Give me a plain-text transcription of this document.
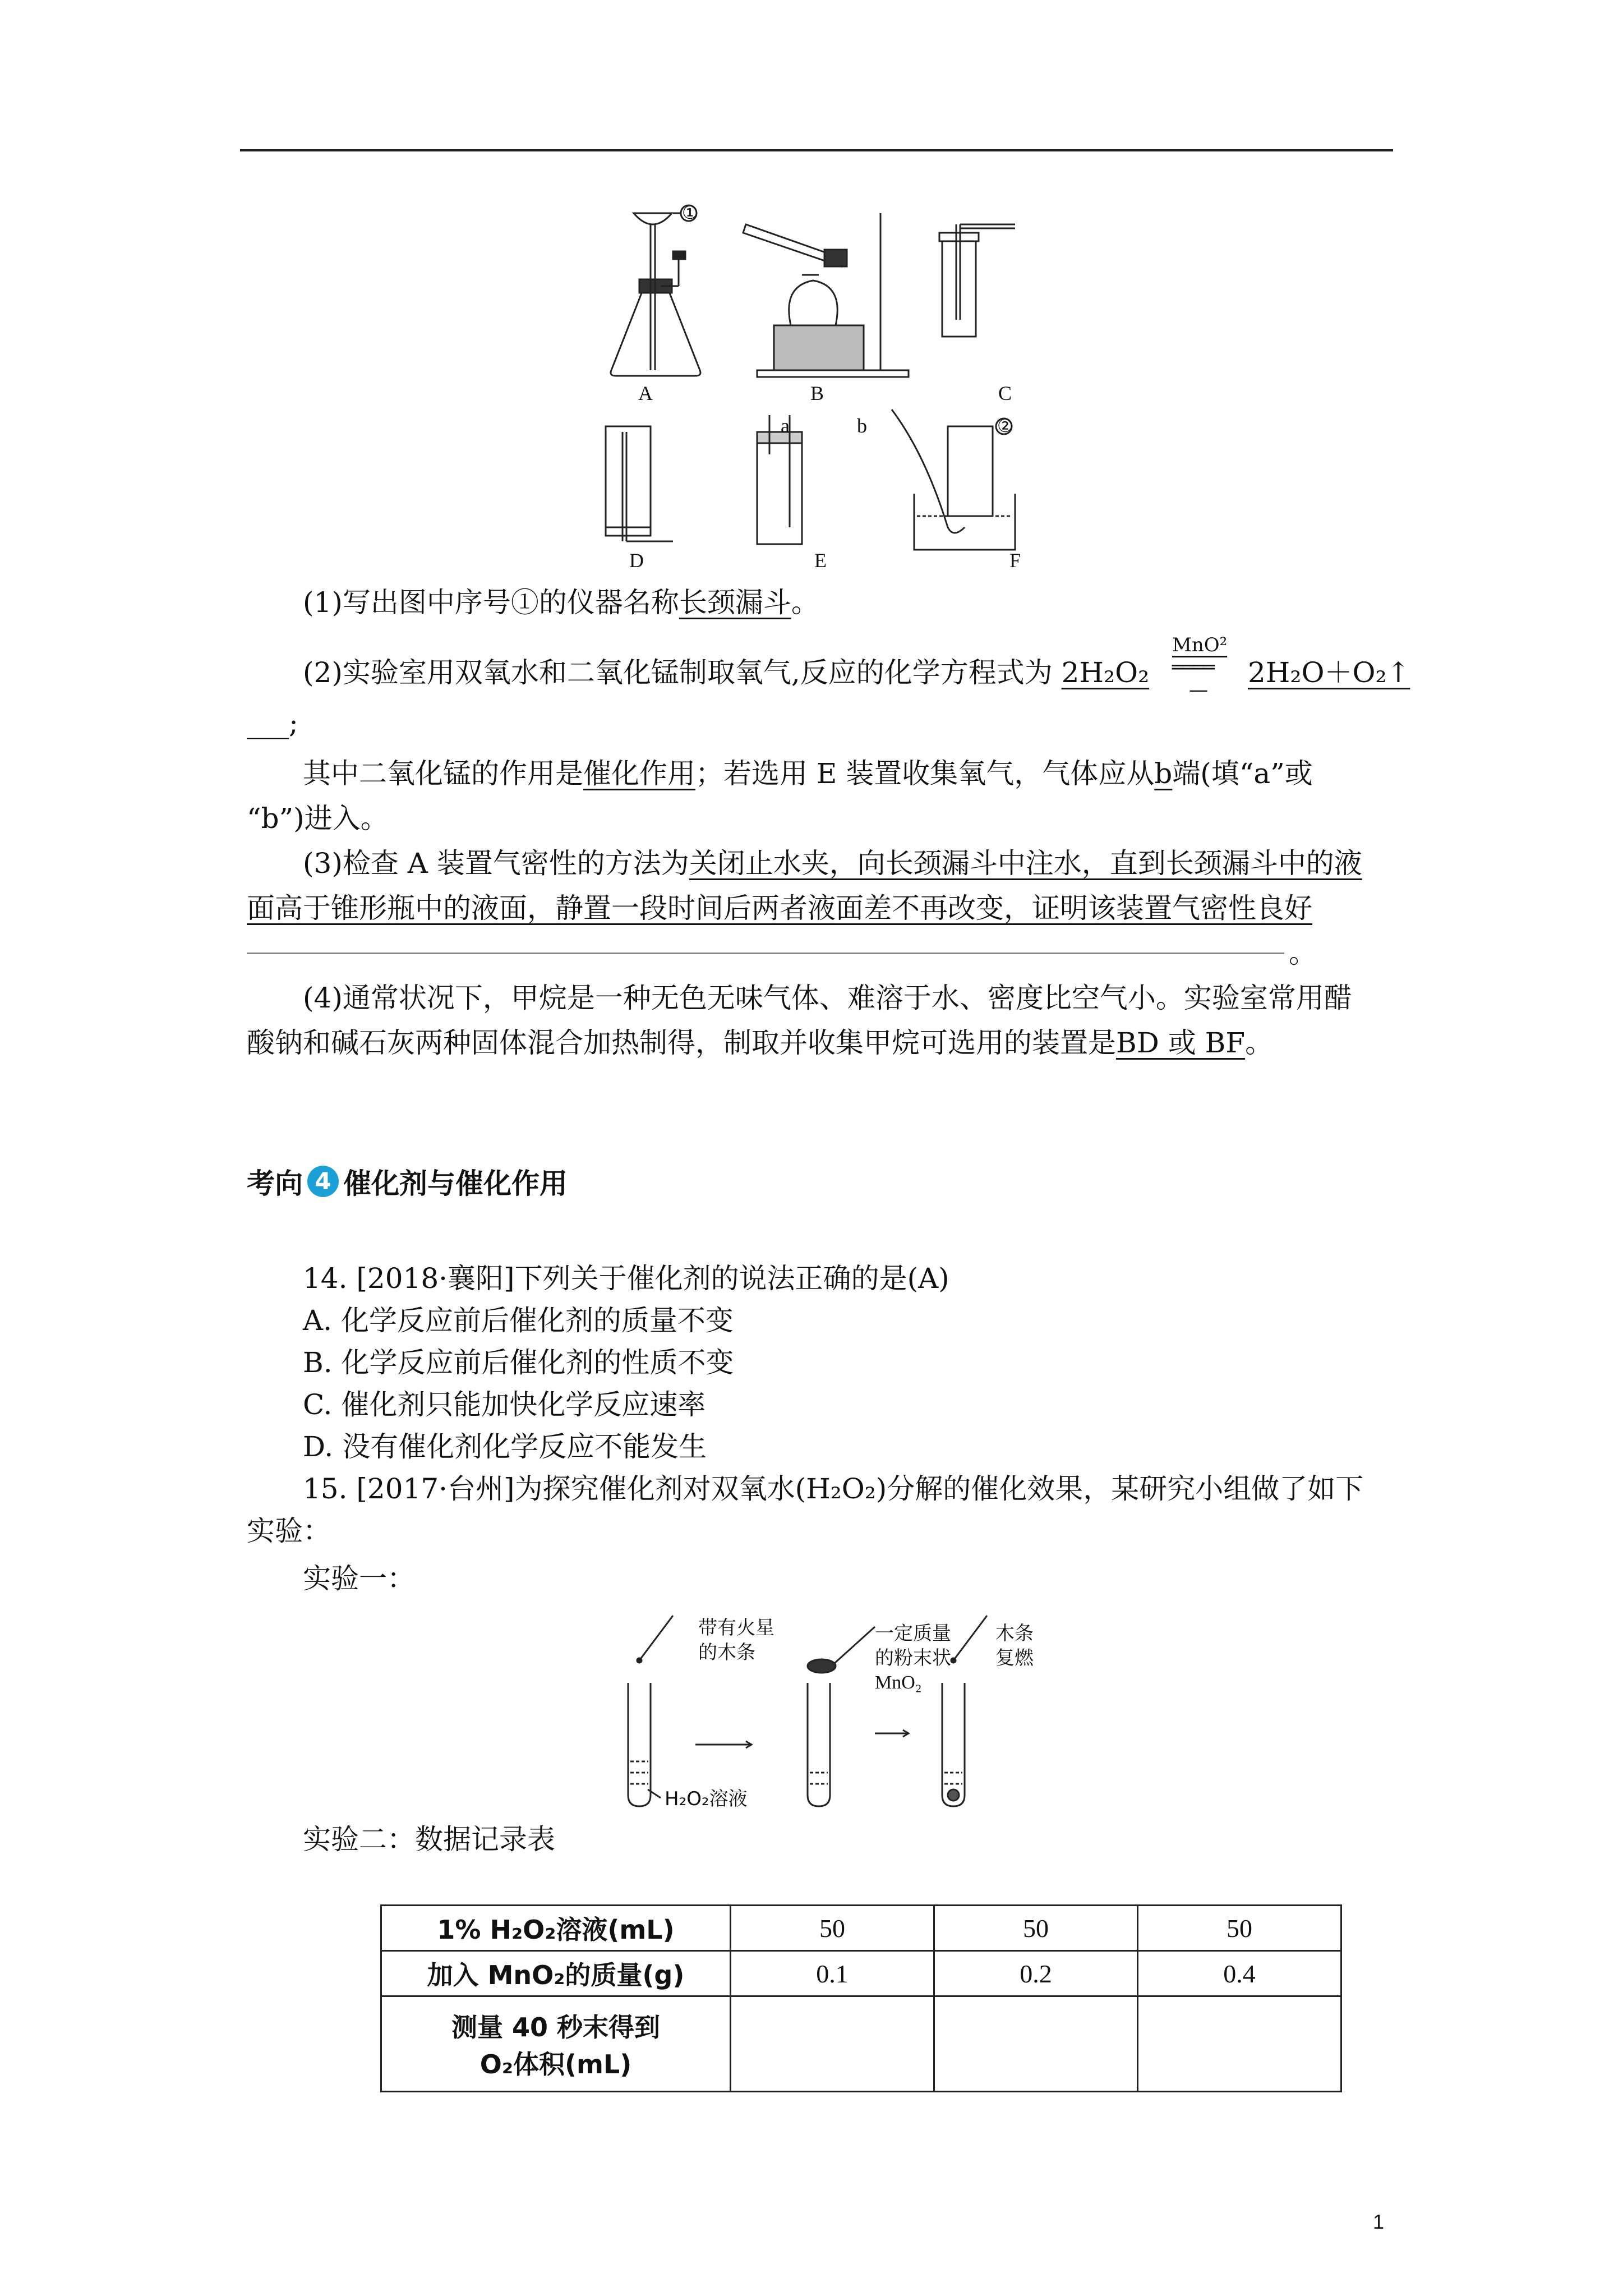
A	B	C
D	E	F
①
②
a	b
(1)写出图中序号①的仪器名称长颈漏斗。
(2)实验室用双氧水和二氧化锰制取氧气,反应的化学方程式为 2H₂O₂
MnO²
════
—
2H₂O＋O₂↑
___;
其中二氧化锰的作用是催化作用；若选用 E 装置收集氧气，气体应从b端(填“a”或
“b”)进入。
(3)检查 A 装置气密性的方法为关闭止水夹，向长颈漏斗中注水，直到长颈漏斗中的液
面高于锥形瓶中的液面，静置一段时间后两者液面差不再改变，证明该装置气密性良好
。
(4)通常状况下，甲烷是一种无色无味气体、难溶于水、密度比空气小。实验室常用醋
酸钠和碱石灰两种固体混合加热制得，制取并收集甲烷可选用的装置是BD 或 BF。
考向 4 催化剂与催化作用
14. [2018·襄阳]下列关于催化剂的说法正确的是(A)
A. 化学反应前后催化剂的质量不变
B. 化学反应前后催化剂的性质不变
C. 催化剂只能加快化学反应速率
D. 没有催化剂化学反应不能发生
15. [2017·台州]为探究催化剂对双氧水(H₂O₂)分解的催化效果，某研究小组做了如下
实验：
实验一：
带有火星
的木条
一定质量
的粉末状
MnO₂
木条
复燃
H₂O₂溶液
实验二：数据记录表
1% H₂O₂溶液(mL)	50	50	50
加入 MnO₂的质量(g)	0.1	0.2	0.4

测量 40 秒末得到
O₂体积(mL)			

1
